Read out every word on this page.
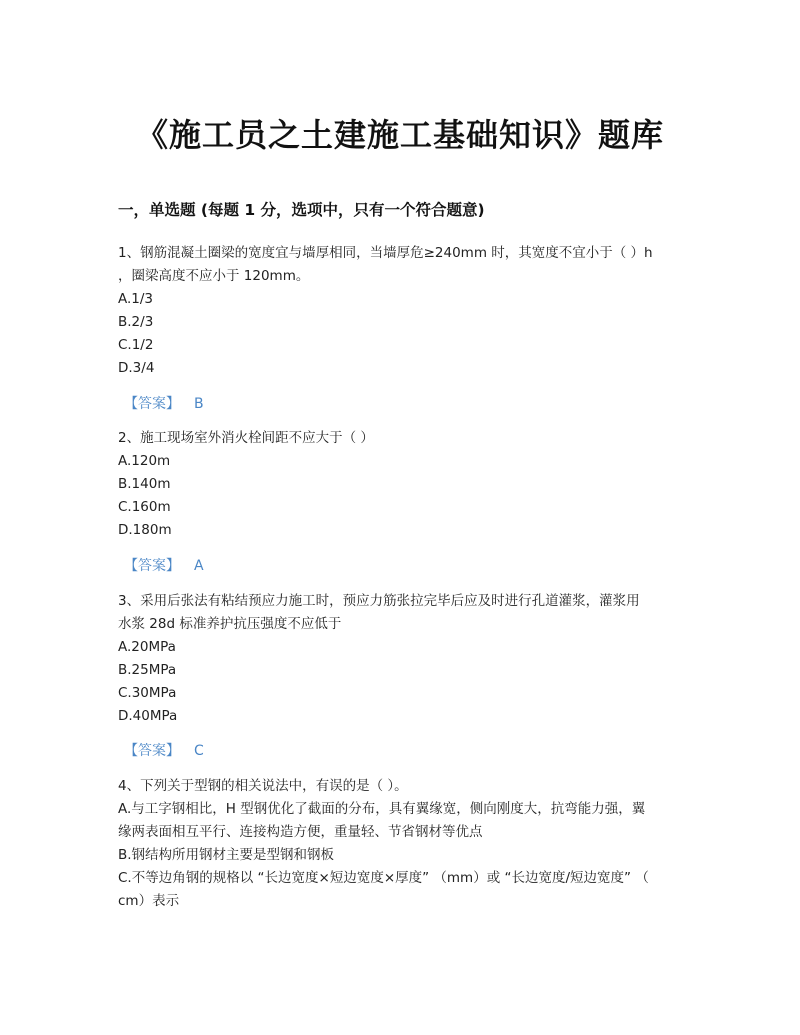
《施工员之土建施工基础知识》题库
一，单选题 (每题 1 分，选项中，只有一个符合题意)

1、钢筋混凝土圈梁的宽度宜与墙厚相同，当墙厚危≥240mm 时，其宽度不宜小于（ ）h

，圈梁高度不应小于 120mm。

A.1/3

B.2/3

C.1/2

D.3/4

【答案】 B

2、施工现场室外消火栓间距不应大于（ ）

A.120m

B.140m

C.160m

D.180m

【答案】 A

3、采用后张法有粘结预应力施工时，预应力筋张拉完毕后应及时进行孔道灌浆，灌浆用

水浆 28d 标准养护抗压强度不应低于

A.20MPa

B.25MPa

C.30MPa

D.40MPa

【答案】 C

4、下列关于型钢的相关说法中，有误的是（ ）。

A.与工字钢相比，H 型钢优化了截面的分布，具有翼缘宽，侧向刚度大，抗弯能力强，翼

缘两表面相互平行、连接构造方便，重量轻、节省钢材等优点

B.钢结构所用钢材主要是型钢和钢板

C.不等边角钢的规格以 “长边宽度×短边宽度×厚度” （mm）或 “长边宽度/短边宽度” （

cm）表示
